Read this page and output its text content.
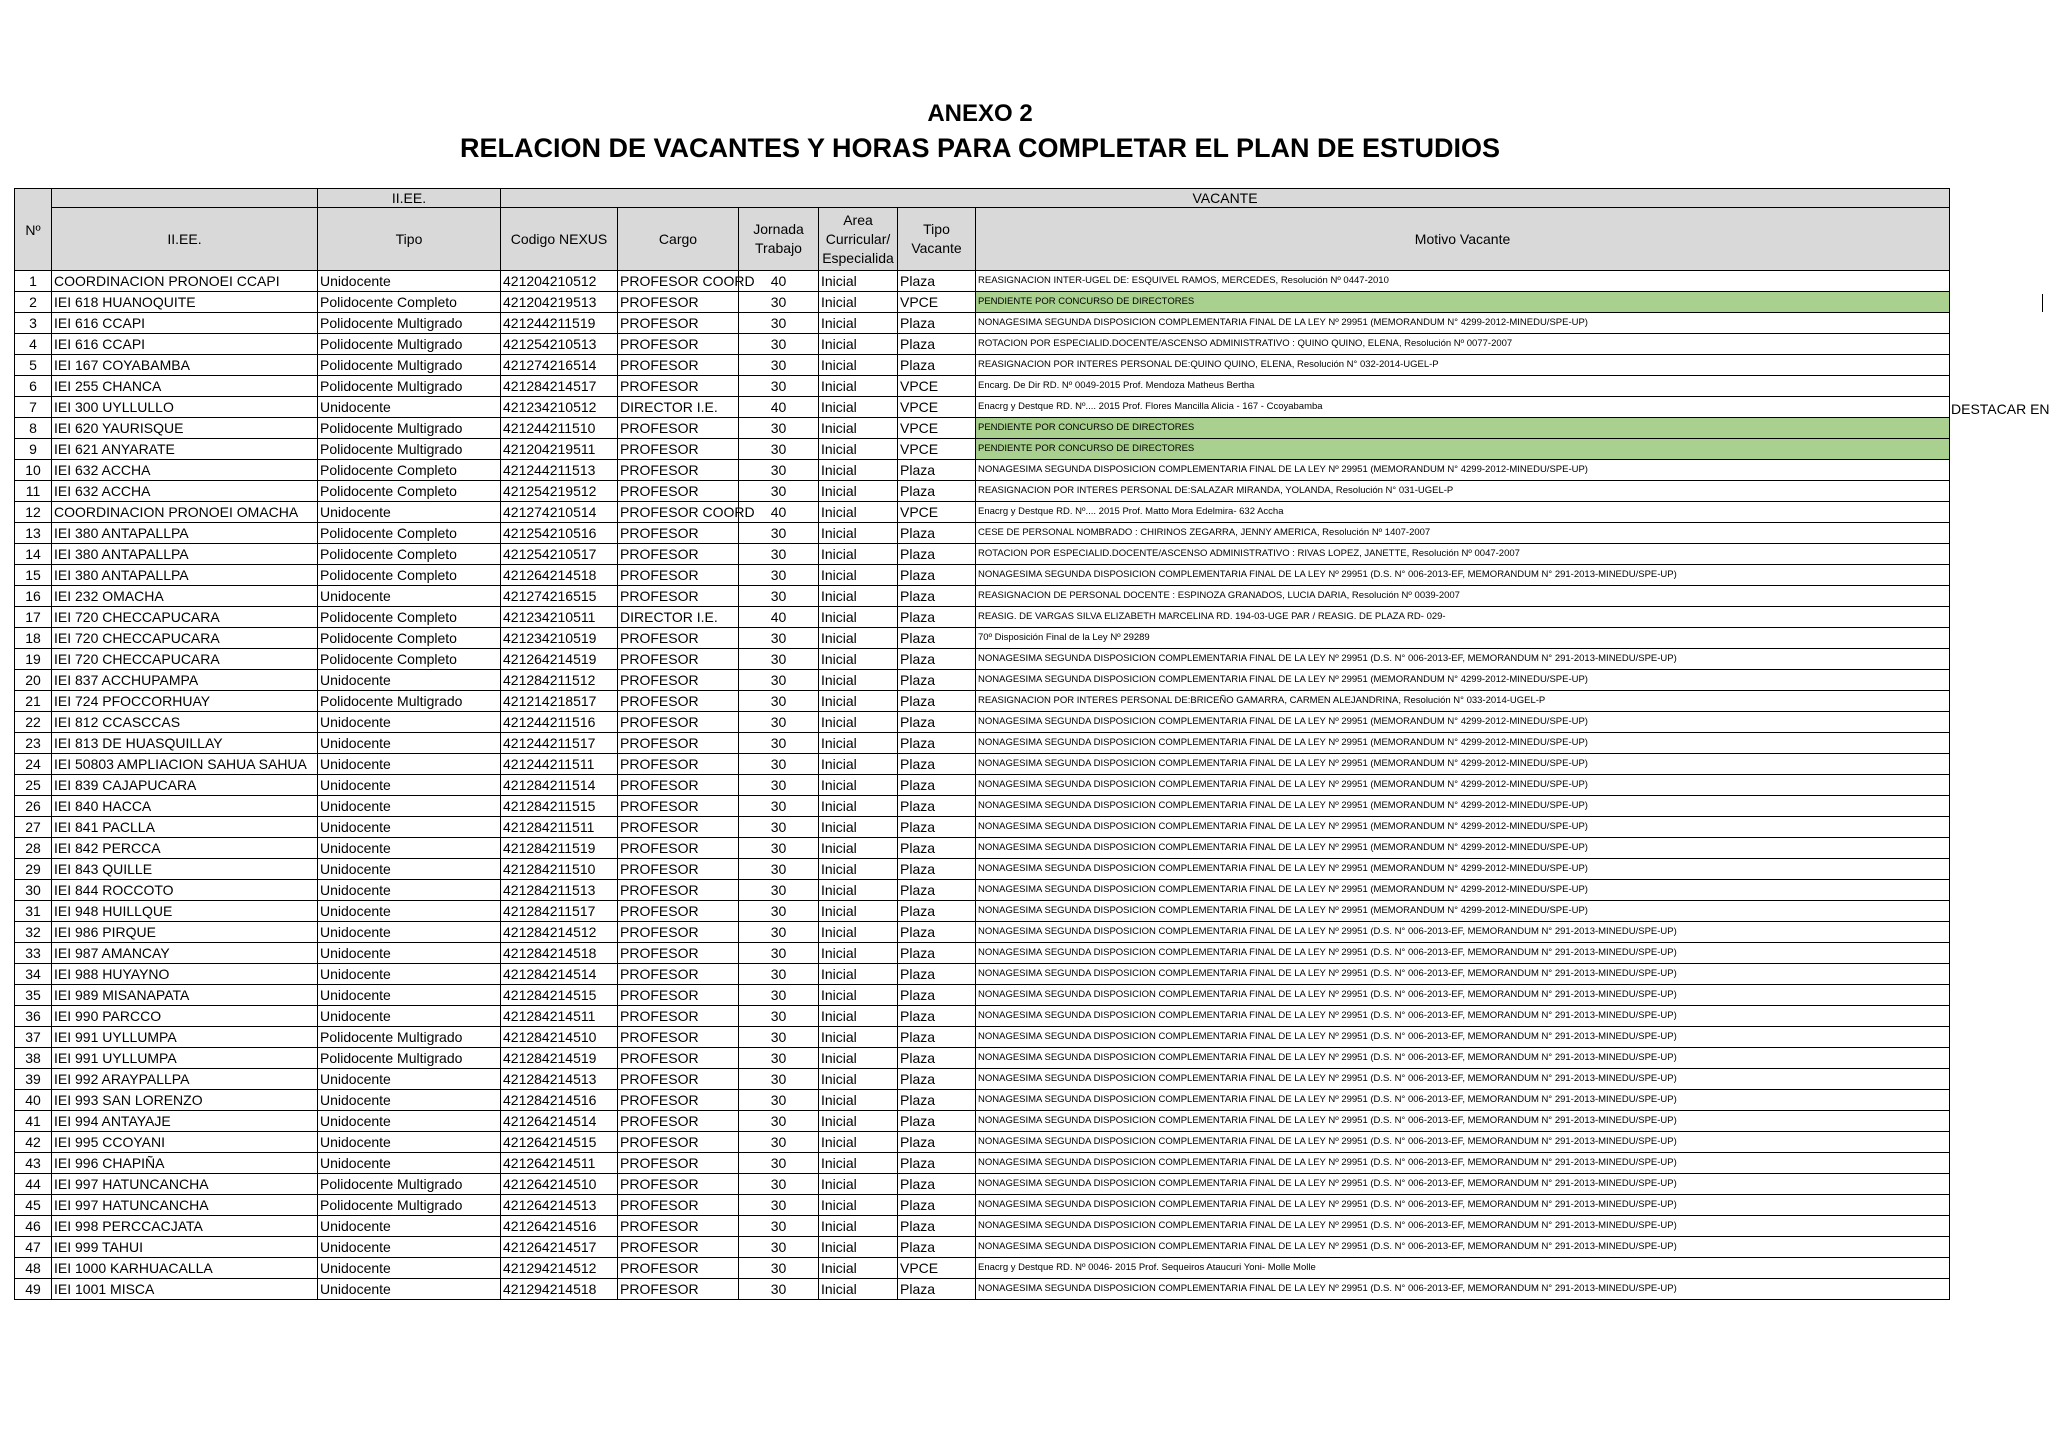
ANEXO 2
RELACION DE VACANTES Y HORAS PARA COMPLETAR EL PLAN DE ESTUDIOS
Nº		II.EE.	VACANTE					
	II.EE.	Tipo	Codigo NEXUS	Cargo	Jornada Trabajo	Area Curricular/ Especialida	Tipo Vacante	Motivo Vacante
1	COORDINACION PRONOEI CCAPI	Unidocente	421204210512	PROFESOR COORD	40	Inicial	Plaza	REASIGNACION INTER-UGEL DE: ESQUIVEL RAMOS, MERCEDES, Resolución Nº 0447-2010
2	IEI 618 HUANOQUITE	Polidocente Completo	421204219513	PROFESOR	30	Inicial	VPCE	PENDIENTE POR CONCURSO DE DIRECTORES
3	IEI 616 CCAPI	Polidocente Multigrado	421244211519	PROFESOR	30	Inicial	Plaza	NONAGESIMA SEGUNDA DISPOSICION COMPLEMENTARIA FINAL DE LA LEY Nº 29951 (MEMORANDUM N° 4299-2012-MINEDU/SPE-UP)
4	IEI 616 CCAPI	Polidocente Multigrado	421254210513	PROFESOR	30	Inicial	Plaza	ROTACION POR ESPECIALID.DOCENTE/ASCENSO ADMINISTRATIVO : QUINO QUINO, ELENA, Resolución Nº 0077-2007
5	IEI 167 COYABAMBA	Polidocente Multigrado	421274216514	PROFESOR	30	Inicial	Plaza	REASIGNACION POR INTERES PERSONAL DE:QUINO QUINO, ELENA, Resolución N° 032-2014-UGEL-P
6	IEI 255 CHANCA	Polidocente Multigrado	421284214517	PROFESOR	30	Inicial	VPCE	Encarg. De Dir RD. Nº 0049-2015 Prof. Mendoza Matheus Bertha
7	IEI 300 UYLLULLO	Unidocente	421234210512	DIRECTOR I.E.	40	Inicial	VPCE	Enacrg y Destque RD. Nº.... 2015 Prof. Flores Mancilla Alicia - 167 - Ccoyabamba
8	IEI 620 YAURISQUE	Polidocente Multigrado	421244211510	PROFESOR	30	Inicial	VPCE	PENDIENTE POR CONCURSO DE DIRECTORES
9	IEI 621 ANYARATE	Polidocente Multigrado	421204219511	PROFESOR	30	Inicial	VPCE	PENDIENTE POR CONCURSO DE DIRECTORES
10	IEI 632 ACCHA	Polidocente Completo	421244211513	PROFESOR	30	Inicial	Plaza	NONAGESIMA SEGUNDA DISPOSICION COMPLEMENTARIA FINAL DE LA LEY Nº 29951 (MEMORANDUM N° 4299-2012-MINEDU/SPE-UP)
11	IEI 632 ACCHA	Polidocente Completo	421254219512	PROFESOR	30	Inicial	Plaza	REASIGNACION POR INTERES PERSONAL DE:SALAZAR MIRANDA, YOLANDA, Resolución N° 031-UGEL-P
12	COORDINACION PRONOEI OMACHA	Unidocente	421274210514	PROFESOR COORD	40	Inicial	VPCE	Enacrg y Destque RD. Nº.... 2015 Prof. Matto Mora Edelmira- 632 Accha
13	IEI 380 ANTAPALLPA	Polidocente Completo	421254210516	PROFESOR	30	Inicial	Plaza	CESE DE PERSONAL NOMBRADO : CHIRINOS ZEGARRA, JENNY AMERICA, Resolución Nº 1407-2007
14	IEI 380 ANTAPALLPA	Polidocente Completo	421254210517	PROFESOR	30	Inicial	Plaza	ROTACION POR ESPECIALID.DOCENTE/ASCENSO ADMINISTRATIVO : RIVAS LOPEZ, JANETTE, Resolución Nº 0047-2007
15	IEI 380 ANTAPALLPA	Polidocente Completo	421264214518	PROFESOR	30	Inicial	Plaza	NONAGESIMA SEGUNDA DISPOSICION COMPLEMENTARIA FINAL DE LA LEY Nº 29951 (D.S. N° 006-2013-EF, MEMORANDUM N° 291-2013-MINEDU/SPE-UP)
16	IEI 232 OMACHA	Unidocente	421274216515	PROFESOR	30	Inicial	Plaza	REASIGNACION DE PERSONAL DOCENTE : ESPINOZA GRANADOS, LUCIA DARIA, Resolución Nº 0039-2007
17	IEI 720 CHECCAPUCARA	Polidocente Completo	421234210511	DIRECTOR I.E.	40	Inicial	Plaza	REASIG. DE VARGAS SILVA ELIZABETH MARCELINA RD. 194-03-UGE PAR / REASIG. DE PLAZA RD- 029-
18	IEI 720 CHECCAPUCARA	Polidocente Completo	421234210519	PROFESOR	30	Inicial	Plaza	70º Disposición Final de la Ley Nº 29289
19	IEI 720 CHECCAPUCARA	Polidocente Completo	421264214519	PROFESOR	30	Inicial	Plaza	NONAGESIMA SEGUNDA DISPOSICION COMPLEMENTARIA FINAL DE LA LEY Nº 29951 (D.S. N° 006-2013-EF, MEMORANDUM N° 291-2013-MINEDU/SPE-UP)
20	IEI 837 ACCHUPAMPA	Unidocente	421284211512	PROFESOR	30	Inicial	Plaza	NONAGESIMA SEGUNDA DISPOSICION COMPLEMENTARIA FINAL DE LA LEY Nº 29951 (MEMORANDUM N° 4299-2012-MINEDU/SPE-UP)
21	IEI 724 PFOCCORHUAY	Polidocente Multigrado	421214218517	PROFESOR	30	Inicial	Plaza	REASIGNACION POR INTERES PERSONAL DE:BRICEÑO GAMARRA, CARMEN ALEJANDRINA, Resolución N° 033-2014-UGEL-P
22	IEI 812 CCASCCAS	Unidocente	421244211516	PROFESOR	30	Inicial	Plaza	NONAGESIMA SEGUNDA DISPOSICION COMPLEMENTARIA FINAL DE LA LEY Nº 29951 (MEMORANDUM N° 4299-2012-MINEDU/SPE-UP)
23	IEI 813 DE HUASQUILLAY	Unidocente	421244211517	PROFESOR	30	Inicial	Plaza	NONAGESIMA SEGUNDA DISPOSICION COMPLEMENTARIA FINAL DE LA LEY Nº 29951 (MEMORANDUM N° 4299-2012-MINEDU/SPE-UP)
24	IEI 50803 AMPLIACION SAHUA SAHUA	Unidocente	421244211511	PROFESOR	30	Inicial	Plaza	NONAGESIMA SEGUNDA DISPOSICION COMPLEMENTARIA FINAL DE LA LEY Nº 29951 (MEMORANDUM N° 4299-2012-MINEDU/SPE-UP)
25	IEI 839 CAJAPUCARA	Unidocente	421284211514	PROFESOR	30	Inicial	Plaza	NONAGESIMA SEGUNDA DISPOSICION COMPLEMENTARIA FINAL DE LA LEY Nº 29951 (MEMORANDUM N° 4299-2012-MINEDU/SPE-UP)
26	IEI 840 HACCA	Unidocente	421284211515	PROFESOR	30	Inicial	Plaza	NONAGESIMA SEGUNDA DISPOSICION COMPLEMENTARIA FINAL DE LA LEY Nº 29951 (MEMORANDUM N° 4299-2012-MINEDU/SPE-UP)
27	IEI 841 PACLLA	Unidocente	421284211511	PROFESOR	30	Inicial	Plaza	NONAGESIMA SEGUNDA DISPOSICION COMPLEMENTARIA FINAL DE LA LEY Nº 29951 (MEMORANDUM N° 4299-2012-MINEDU/SPE-UP)
28	IEI 842 PERCCA	Unidocente	421284211519	PROFESOR	30	Inicial	Plaza	NONAGESIMA SEGUNDA DISPOSICION COMPLEMENTARIA FINAL DE LA LEY Nº 29951 (MEMORANDUM N° 4299-2012-MINEDU/SPE-UP)
29	IEI 843 QUILLE	Unidocente	421284211510	PROFESOR	30	Inicial	Plaza	NONAGESIMA SEGUNDA DISPOSICION COMPLEMENTARIA FINAL DE LA LEY Nº 29951 (MEMORANDUM N° 4299-2012-MINEDU/SPE-UP)
30	IEI 844 ROCCOTO	Unidocente	421284211513	PROFESOR	30	Inicial	Plaza	NONAGESIMA SEGUNDA DISPOSICION COMPLEMENTARIA FINAL DE LA LEY Nº 29951 (MEMORANDUM N° 4299-2012-MINEDU/SPE-UP)
31	IEI 948 HUILLQUE	Unidocente	421284211517	PROFESOR	30	Inicial	Plaza	NONAGESIMA SEGUNDA DISPOSICION COMPLEMENTARIA FINAL DE LA LEY Nº 29951 (MEMORANDUM N° 4299-2012-MINEDU/SPE-UP)
32	IEI 986 PIRQUE	Unidocente	421284214512	PROFESOR	30	Inicial	Plaza	NONAGESIMA SEGUNDA DISPOSICION COMPLEMENTARIA FINAL DE LA LEY Nº 29951 (D.S. N° 006-2013-EF, MEMORANDUM N° 291-2013-MINEDU/SPE-UP)
33	IEI 987 AMANCAY	Unidocente	421284214518	PROFESOR	30	Inicial	Plaza	NONAGESIMA SEGUNDA DISPOSICION COMPLEMENTARIA FINAL DE LA LEY Nº 29951 (D.S. N° 006-2013-EF, MEMORANDUM N° 291-2013-MINEDU/SPE-UP)
34	IEI 988 HUYAYNO	Unidocente	421284214514	PROFESOR	30	Inicial	Plaza	NONAGESIMA SEGUNDA DISPOSICION COMPLEMENTARIA FINAL DE LA LEY Nº 29951 (D.S. N° 006-2013-EF, MEMORANDUM N° 291-2013-MINEDU/SPE-UP)
35	IEI 989 MISANAPATA	Unidocente	421284214515	PROFESOR	30	Inicial	Plaza	NONAGESIMA SEGUNDA DISPOSICION COMPLEMENTARIA FINAL DE LA LEY Nº 29951 (D.S. N° 006-2013-EF, MEMORANDUM N° 291-2013-MINEDU/SPE-UP)
36	IEI 990 PARCCO	Unidocente	421284214511	PROFESOR	30	Inicial	Plaza	NONAGESIMA SEGUNDA DISPOSICION COMPLEMENTARIA FINAL DE LA LEY Nº 29951 (D.S. N° 006-2013-EF, MEMORANDUM N° 291-2013-MINEDU/SPE-UP)
37	IEI 991 UYLLUMPA	Polidocente Multigrado	421284214510	PROFESOR	30	Inicial	Plaza	NONAGESIMA SEGUNDA DISPOSICION COMPLEMENTARIA FINAL DE LA LEY Nº 29951 (D.S. N° 006-2013-EF, MEMORANDUM N° 291-2013-MINEDU/SPE-UP)
38	IEI 991 UYLLUMPA	Polidocente Multigrado	421284214519	PROFESOR	30	Inicial	Plaza	NONAGESIMA SEGUNDA DISPOSICION COMPLEMENTARIA FINAL DE LA LEY Nº 29951 (D.S. N° 006-2013-EF, MEMORANDUM N° 291-2013-MINEDU/SPE-UP)
39	IEI 992 ARAYPALLPA	Unidocente	421284214513	PROFESOR	30	Inicial	Plaza	NONAGESIMA SEGUNDA DISPOSICION COMPLEMENTARIA FINAL DE LA LEY Nº 29951 (D.S. N° 006-2013-EF, MEMORANDUM N° 291-2013-MINEDU/SPE-UP)
40	IEI 993 SAN LORENZO	Unidocente	421284214516	PROFESOR	30	Inicial	Plaza	NONAGESIMA SEGUNDA DISPOSICION COMPLEMENTARIA FINAL DE LA LEY Nº 29951 (D.S. N° 006-2013-EF, MEMORANDUM N° 291-2013-MINEDU/SPE-UP)
41	IEI 994 ANTAYAJE	Unidocente	421264214514	PROFESOR	30	Inicial	Plaza	NONAGESIMA SEGUNDA DISPOSICION COMPLEMENTARIA FINAL DE LA LEY Nº 29951 (D.S. N° 006-2013-EF, MEMORANDUM N° 291-2013-MINEDU/SPE-UP)
42	IEI 995 CCOYANI	Unidocente	421264214515	PROFESOR	30	Inicial	Plaza	NONAGESIMA SEGUNDA DISPOSICION COMPLEMENTARIA FINAL DE LA LEY Nº 29951 (D.S. N° 006-2013-EF, MEMORANDUM N° 291-2013-MINEDU/SPE-UP)
43	IEI 996 CHAPIÑA	Unidocente	421264214511	PROFESOR	30	Inicial	Plaza	NONAGESIMA SEGUNDA DISPOSICION COMPLEMENTARIA FINAL DE LA LEY Nº 29951 (D.S. N° 006-2013-EF, MEMORANDUM N° 291-2013-MINEDU/SPE-UP)
44	IEI 997 HATUNCANCHA	Polidocente Multigrado	421264214510	PROFESOR	30	Inicial	Plaza	NONAGESIMA SEGUNDA DISPOSICION COMPLEMENTARIA FINAL DE LA LEY Nº 29951 (D.S. N° 006-2013-EF, MEMORANDUM N° 291-2013-MINEDU/SPE-UP)
45	IEI 997 HATUNCANCHA	Polidocente Multigrado	421264214513	PROFESOR	30	Inicial	Plaza	NONAGESIMA SEGUNDA DISPOSICION COMPLEMENTARIA FINAL DE LA LEY Nº 29951 (D.S. N° 006-2013-EF, MEMORANDUM N° 291-2013-MINEDU/SPE-UP)
46	IEI 998 PERCCACJATA	Unidocente	421264214516	PROFESOR	30	Inicial	Plaza	NONAGESIMA SEGUNDA DISPOSICION COMPLEMENTARIA FINAL DE LA LEY Nº 29951 (D.S. N° 006-2013-EF, MEMORANDUM N° 291-2013-MINEDU/SPE-UP)
47	IEI 999 TAHUI	Unidocente	421264214517	PROFESOR	30	Inicial	Plaza	NONAGESIMA SEGUNDA DISPOSICION COMPLEMENTARIA FINAL DE LA LEY Nº 29951 (D.S. N° 006-2013-EF, MEMORANDUM N° 291-2013-MINEDU/SPE-UP)
48	IEI 1000 KARHUACALLA	Unidocente	421294214512	PROFESOR	30	Inicial	VPCE	Enacrg y Destque RD. Nº 0046- 2015 Prof. Sequeiros Ataucuri Yoni- Molle Molle
49	IEI 1001 MISCA	Unidocente	421294214518	PROFESOR	30	Inicial	Plaza	NONAGESIMA SEGUNDA DISPOSICION COMPLEMENTARIA FINAL DE LA LEY Nº 29951 (D.S. N° 006-2013-EF, MEMORANDUM N° 291-2013-MINEDU/SPE-UP)
DESTACAR EN
